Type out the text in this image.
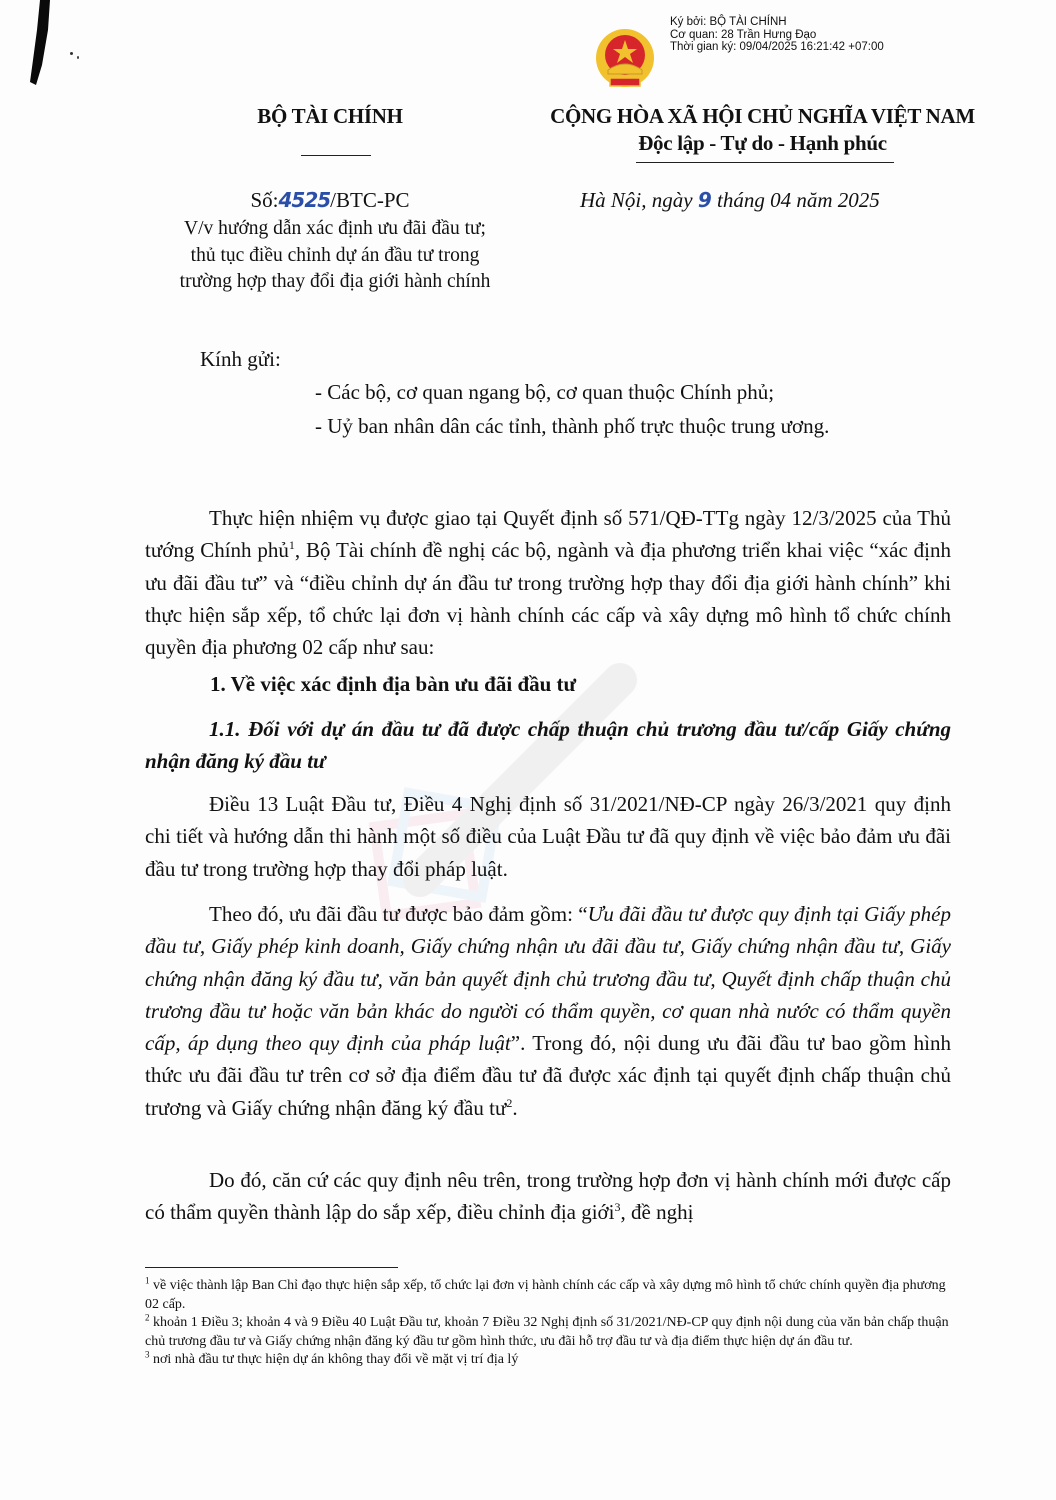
Ký bởi: BỘ TÀI CHÍNH
Cơ quan: 28 Trần Hưng Đạo
Thời gian ký: 09/04/2025 16:21:42 +07:00
BỘ TÀI CHÍNH	CỘNG HÒA XÃ HỘI CHỦ NGHĨA VIỆT NAM
Độc lập - Tự do - Hạnh phúc
Số:4525/BTC-PC
V/v hướng dẫn xác định ưu đãi đầu tư;
thủ tục điều chỉnh dự án đầu tư trong
trường hợp thay đổi địa giới hành chính
Hà Nội, ngày 9 tháng 04 năm 2025
Kính gửi:
- Các bộ, cơ quan ngang bộ, cơ quan thuộc Chính phủ;
- Uỷ ban nhân dân các tỉnh, thành phố trực thuộc trung ương.

Thực hiện nhiệm vụ được giao tại Quyết định số 571/QĐ-TTg ngày 12/3/2025 của Thủ tướng Chính phủ$^1$, Bộ Tài chính đề nghị các bộ, ngành và địa phương triển khai việc “xác định ưu đãi đầu tư” và “điều chỉnh dự án đầu tư trong trường hợp thay đổi địa giới hành chính” khi thực hiện sắp xếp, tổ chức lại đơn vị hành chính các cấp và xây dựng mô hình tổ chức chính quyền địa phương 02 cấp như sau:

1. Về việc xác định địa bàn ưu đãi đầu tư
1.1. Đối với dự án đầu tư đã được chấp thuận chủ trương đầu tư/cấp Giấy chứng nhận đăng ký đầu tư

Điều 13 Luật Đầu tư, Điều 4 Nghị định số 31/2021/NĐ-CP ngày 26/3/2021 quy định chi tiết và hướng dẫn thi hành một số điều của Luật Đầu tư đã quy định về việc bảo đảm ưu đãi đầu tư trong trường hợp thay đổi pháp luật.

Theo đó, ưu đãi đầu tư được bảo đảm gồm: “Ưu đãi đầu tư được quy định tại Giấy phép đầu tư, Giấy phép kinh doanh, Giấy chứng nhận ưu đãi đầu tư, Giấy chứng nhận đầu tư, Giấy chứng nhận đăng ký đầu tư, văn bản quyết định chủ trương đầu tư, Quyết định chấp thuận chủ trương đầu tư hoặc văn bản khác do người có thẩm quyền, cơ quan nhà nước có thẩm quyền cấp, áp dụng theo quy định của pháp luật”. Trong đó, nội dung ưu đãi đầu tư bao gồm hình thức ưu đãi đầu tư trên cơ sở địa điểm đầu tư đã được xác định tại quyết định chấp thuận chủ trương và Giấy chứng nhận đăng ký đầu $tư^2$.

Do đó, căn cứ các quy định nêu trên, trong trường hợp đơn vị hành chính mới được cấp có thẩm quyền thành lập do sắp xếp, điều chỉnh địa giới$^3$, đề nghị

$^1$ về việc thành lập Ban Chỉ đạo thực hiện sắp xếp, tổ chức lại đơn vị hành chính các cấp và xây dựng mô hình tổ chức chính quyền địa phương 02 cấp.
$^2$ khoản 1 Điều 3; khoản 4 và 9 Điều 40 Luật Đầu tư, khoản 7 Điều 32 Nghị định số 31/2021/NĐ-CP quy định nội dung của văn bản chấp thuận chủ trương đầu tư và Giấy chứng nhận đăng ký đầu tư gồm hình thức, ưu đãi hỗ trợ đầu tư và địa điểm thực hiện dự án đầu tư.
$^3$ nơi nhà đầu tư thực hiện dự án không thay đổi về mặt vị trí địa lý
